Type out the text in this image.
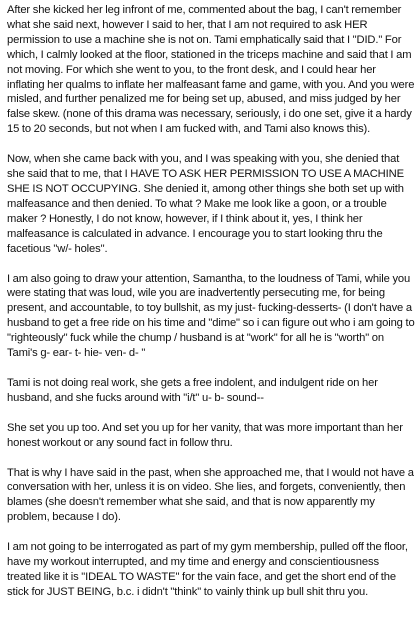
After she kicked her leg infront of me, commented about the bag, I can't remember what she said next, however I said to her, that I am not required to ask HER permission to use a machine she is not on. Tami emphatically said that I "DID." For which, I calmly looked at the floor, stationed in the triceps machine and said that I am not moving. For which she went to you, to the front desk, and I could hear her inflating her qualms to inflate her malfeasant fame and game, with you. And you were misled, and further penalized me for being set up, abused, and miss judged by her false skew. (none of this drama was necessary, seriously, i do one set, give it a hardy 15 to 20 seconds, but not when I am fucked with, and Tami also knows this).

Now, when she came back with you, and I was speaking with you, she denied that she said that to me, that I HAVE TO ASK HER PERMISSION TO USE A MACHINE SHE IS NOT OCCUPYING. She denied it, among other things she both set up with malfeasance and then denied. To what ? Make me look like a goon, or a trouble maker ? Honestly, I do not know, however, if I think about it, yes, I think her malfeasance is calculated in advance. I encourage you to start looking thru the facetious "w/- holes".

I am also going to draw your attention, Samantha, to the loudness of Tami, while you were stating that was loud, wile you are inadvertently persecuting me, for being present, and accountable, to toy bullshit, as my just- fucking-desserts- (I don't have a husband to get a free ride on his time and "dime" so i can figure out who i am going to "righteously" fuck while the chump / husband is at "work" for all he is "worth" on Tami's g- ear- t- hie- ven- d- "

Tami is not doing real work, she gets a free indolent, and indulgent ride on her husband, and she fucks around with "i/t" u- b- sound--

She set you up too. And set you up for her vanity, that was more important than her honest workout or any sound fact in follow thru.

That is why I have said in the past, when she approached me, that I would not have a conversation with her, unless it is on video. She lies, and forgets, conveniently, then blames (she doesn't remember what she said, and that is now apparently my problem, because I do).

I am not going to be interrogated as part of my gym membership, pulled off the floor, have my workout interrupted, and my time and energy and conscientiousness treated like it is "IDEAL TO WASTE" for the vain face, and get the short end of the stick for JUST BEING, b.c. i didn't "think" to vainly think up bull shit thru you.
